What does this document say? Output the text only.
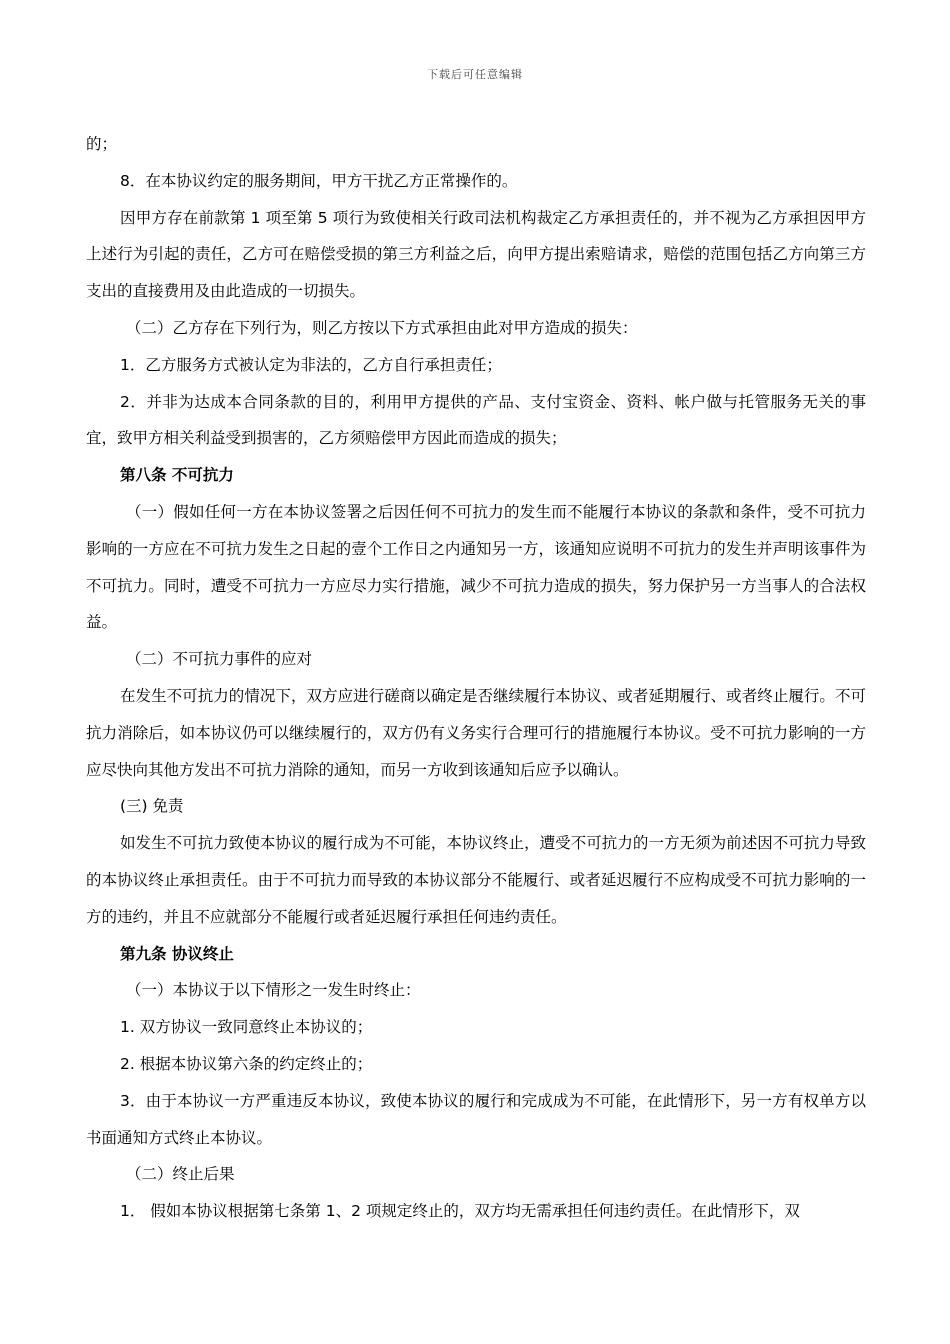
下载后可任意编辑

的；

8．在本协议约定的服务期间，甲方干扰乙方正常操作的。

因甲方存在前款第 1 项至第 5 项行为致使相关行政司法机构裁定乙方承担责任的，并不视为乙方承担因甲方上述行为引起的责任，乙方可在赔偿受损的第三方利益之后，向甲方提出索赔请求，赔偿的范围包括乙方向第三方支出的直接费用及由此造成的一切损失。

（二）乙方存在下列行为，则乙方按以下方式承担由此对甲方造成的损失：

1．乙方服务方式被认定为非法的，乙方自行承担责任；

2．并非为达成本合同条款的目的，利用甲方提供的产品、支付宝资金、资料、帐户做与托管服务无关的事宜，致甲方相关利益受到损害的，乙方须赔偿甲方因此而造成的损失；

第八条 不可抗力

（一）假如任何一方在本协议签署之后因任何不可抗力的发生而不能履行本协议的条款和条件，受不可抗力影响的一方应在不可抗力发生之日起的壹个工作日之内通知另一方，该通知应说明不可抗力的发生并声明该事件为不可抗力。同时，遭受不可抗力一方应尽力实行措施，减少不可抗力造成的损失，努力保护另一方当事人的合法权益。

（二）不可抗力事件的应对

在发生不可抗力的情况下，双方应进行磋商以确定是否继续履行本协议、或者延期履行、或者终止履行。不可抗力消除后，如本协议仍可以继续履行的，双方仍有义务实行合理可行的措施履行本协议。受不可抗力影响的一方应尽快向其他方发出不可抗力消除的通知，而另一方收到该通知后应予以确认。

(三) 免责

如发生不可抗力致使本协议的履行成为不可能，本协议终止，遭受不可抗力的一方无须为前述因不可抗力导致的本协议终止承担责任。由于不可抗力而导致的本协议部分不能履行、或者延迟履行不应构成受不可抗力影响的一方的违约，并且不应就部分不能履行或者延迟履行承担任何违约责任。

第九条 协议终止

（一）本协议于以下情形之一发生时终止：

1. 双方协议一致同意终止本协议的；

2. 根据本协议第六条的约定终止的；

3．由于本协议一方严重违反本协议，致使本协议的履行和完成成为不可能，在此情形下，另一方有权单方以书面通知方式终止本协议。

（二）终止后果

1． 假如本协议根据第七条第 1、2 项规定终止的，双方均无需承担任何违约责任。在此情形下，双
